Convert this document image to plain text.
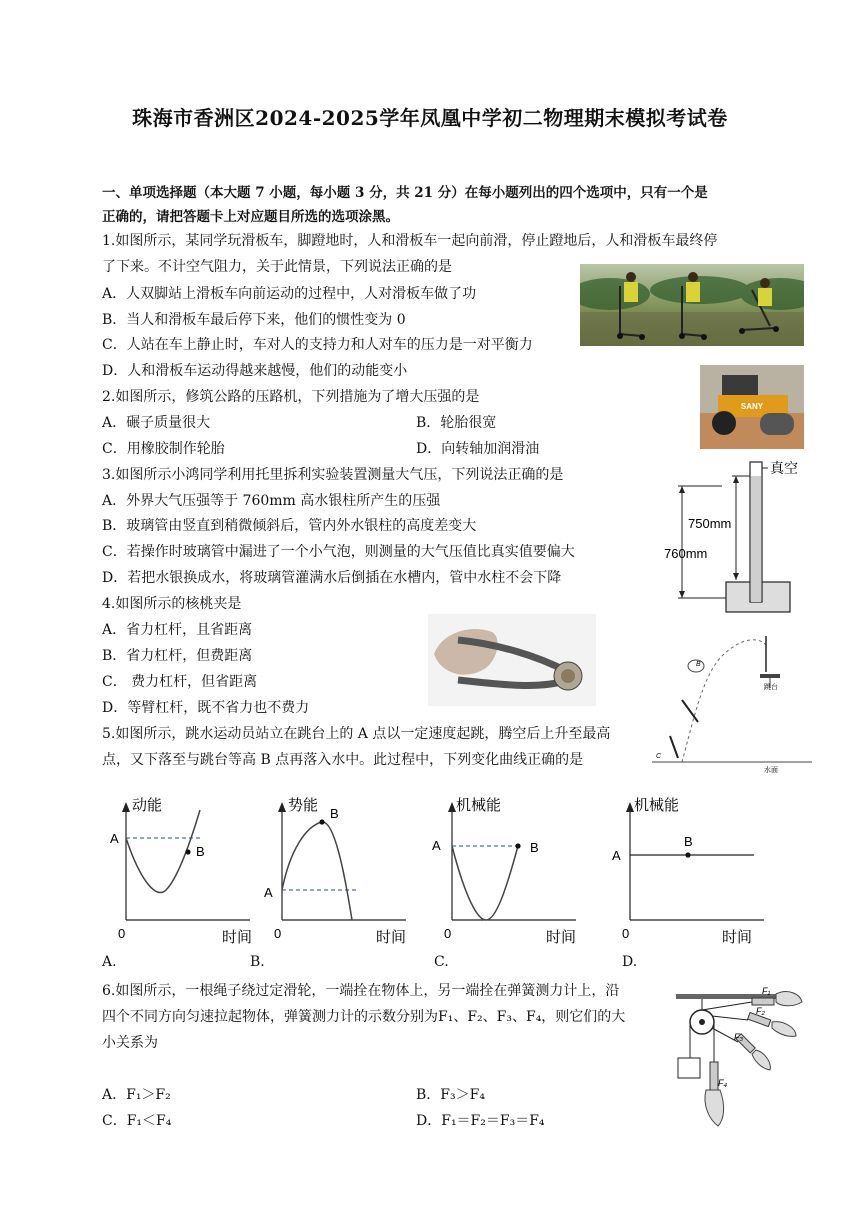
珠海市香洲区2024-2025学年凤凰中学初二物理期末模拟考试卷
一、单项选择题（本大题 7 小题，每小题 3 分，共 21 分）在每小题列出的四个选项中，只有一个是
正确的，请把答题卡上对应题目所选的选项涂黑。
1.如图所示，某同学玩滑板车，脚蹬地时，人和滑板车一起向前滑，停止蹬地后，人和滑板车最终停
了下来。不计空气阻力，关于此情景，下列说法正确的是
A．人双脚站上滑板车向前运动的过程中，人对滑板车做了功
B．当人和滑板车最后停下来，他们的惯性变为 0
C．人站在车上静止时，车对人的支持力和人对车的压力是一对平衡力
D．人和滑板车运动得越来越慢，他们的动能变小
2.如图所示，修筑公路的压路机，下列措施为了增大压强的是
A．碾子质量很大	B．轮胎很宽
C．用橡胶制作轮胎	D．向转轴加润滑油
SANY
3.如图所示小鸿同学利用托里拆利实验装置测量大气压，下列说法正确的是
A．外界大气压强等于 760mm 高水银柱所产生的压强
B．玻璃管由竖直到稍微倾斜后，管内外水银柱的高度差变大
C．若操作时玻璃管中漏进了一个小气泡，则测量的大气压值比真实值要偏大
D．若把水银换成水，将玻璃管灌满水后倒插在水槽内，管中水柱不会下降
真空
750mm
760mm
4.如图所示的核桃夹是
A．省力杠杆，且省距离
B．省力杠杆，但费距离
C． 费力杠杆，但省距离
D．等臂杠杆，既不省力也不费力
5.如图所示，跳水运动员站立在跳台上的 A 点以一定速度起跳，腾空后上升至最高
点，又下落至与跳台等高 B 点再落入水中。此过程中，下列变化曲线正确的是
跳台
B
C
水面
动能
时间
0
A
B
势能
时间
0
A
B	机械能
时间
0
A	B
机械能
时间
0
A
B
A.	B.	C.	D.
6.如图所示，一根绳子绕过定滑轮，一端拴在物体上，另一端拴在弹簧测力计上，沿
四个不同方向匀速拉起物体，弹簧测力计的示数分别为F₁、F₂、F₃、F₄，则它们的大
小关系为
A．F₁＞F₂	B．F₃＞F₄
C．F₁＜F₄	D．F₁＝F₂＝F₃＝F₄
F₁
F₂
F₃
F₄
